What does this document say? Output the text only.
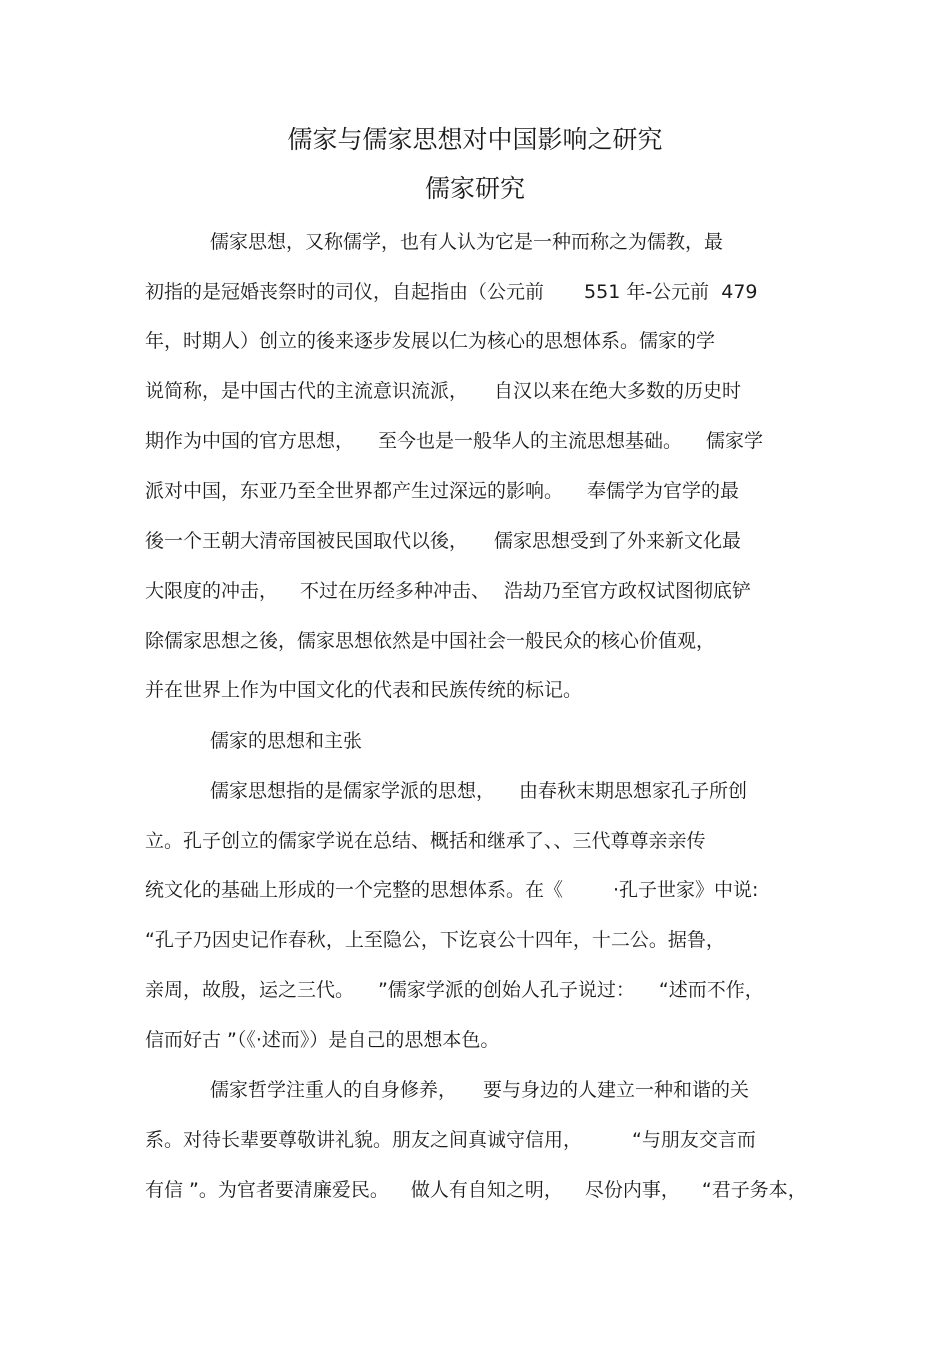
儒家与儒家思想对中国影响之研究
儒家研究
儒家思想，又称儒学，也有人认为它是一种而称之为儒教，最
初指的是冠婚丧祭时的司仪，自起指由（公元前 551 年-公元前  479
年，时期人）创立的後来逐步发展以仁为核心的思想体系。儒家的学
说简称，是中国古代的主流意识流派， 自汉以来在绝大多数的历史时
期作为中国的官方思想， 至今也是一般华人的主流思想基础。 儒家学
派对中国，东亚乃至全世界都产生过深远的影响。 奉儒学为官学的最
後一个王朝大清帝国被民国取代以後， 儒家思想受到了外来新文化最
大限度的冲击， 不过在历经多种冲击、 浩劫乃至官方政权试图彻底铲
除儒家思想之後，儒家思想依然是中国社会一般民众的核心价值观，
并在世界上作为中国文化的代表和民族传统的标记。
儒家的思想和主张
儒家思想指的是儒家学派的思想， 由春秋末期思想家孔子所创
立。孔子创立的儒家学说在总结、概括和继承了、、三代尊尊亲亲传
统文化的基础上形成的一个完整的思想体系。在《	·孔子世家》中说:
“孔子乃因史记作春秋，上至隐公，下讫哀公十四年，十二公。据鲁，
亲周，故殷，运之三代。 ”儒家学派的创始人孔子说过： “述而不作，
信而好古 ”（《·述而》）是自己的思想本色。
儒家哲学注重人的自身修养， 要与身边的人建立一种和谐的关
系。对待长辈要尊敬讲礼貌。朋友之间真诚守信用，	“与朋友交言而
有信 ”。为官者要清廉爱民。 做人有自知之明， 尽份内事， “君子务本，
